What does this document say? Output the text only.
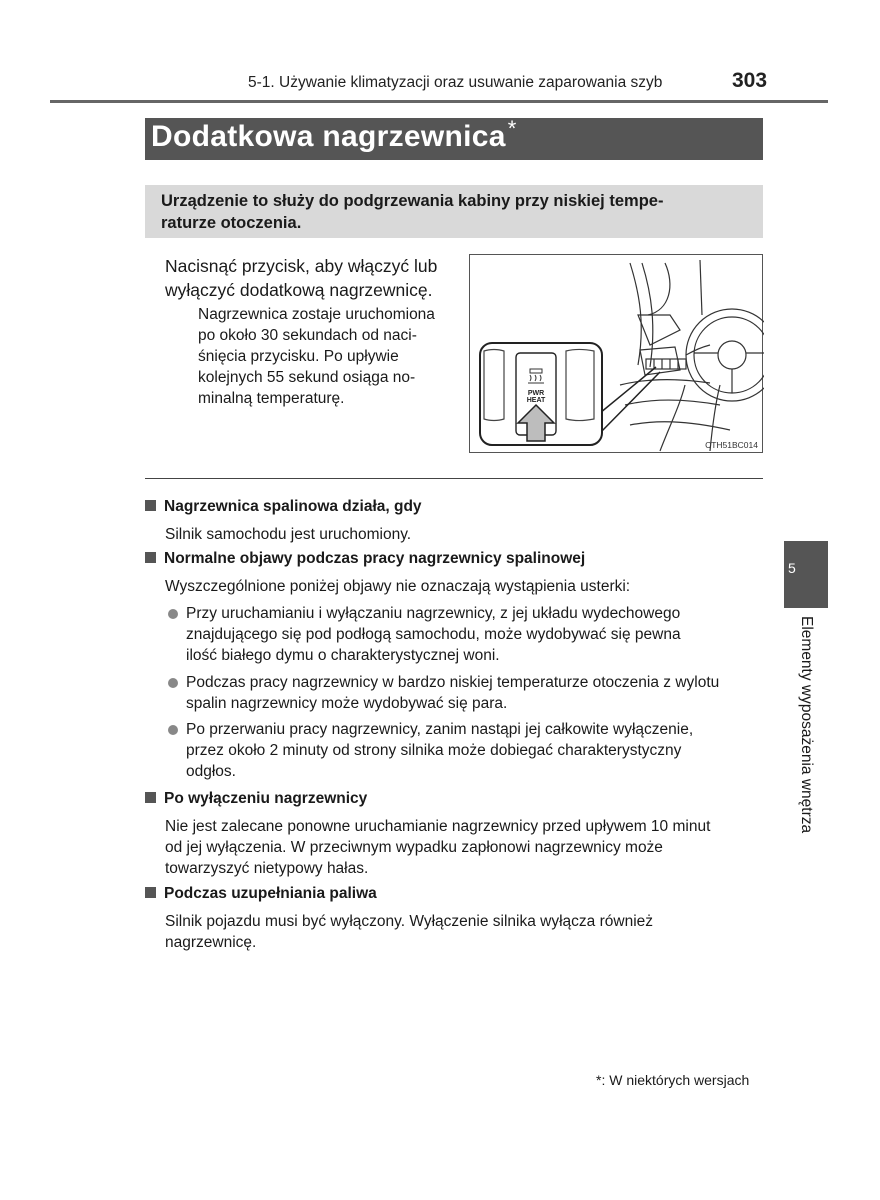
5-1. Używanie klimatyzacji oraz usuwanie zaparowania szyb	303
Dodatkowa nagrzewnica*
Urządzenie to służy do podgrzewania kabiny przy niskiej tempe-
raturze otoczenia.
Nacisnąć przycisk, aby włączyć lub
wyłączyć dodatkową nagrzewnicę.
Nagrzewnica zostaje uruchomiona
po około 30 sekundach od naci-
śnięcia przycisku. Po upływie
kolejnych 55 sekund osiąga no-
minalną temperaturę.	PWR
HEAT
CTH51BC014
Nagrzewnica spalinowa działa, gdy
Silnik samochodu jest uruchomiony.
Normalne objawy podczas pracy nagrzewnicy spalinowej
Wyszczególnione poniżej objawy nie oznaczają wystąpienia usterki:
Przy uruchamianiu i wyłączaniu nagrzewnicy, z jej układu wydechowego
znajdującego się pod podłogą samochodu, może wydobywać się pewna
ilość białego dymu o charakterystycznej woni.
Podczas pracy nagrzewnicy w bardzo niskiej temperaturze otoczenia z wylotu
spalin nagrzewnicy może wydobywać się para.
Po przerwaniu pracy nagrzewnicy, zanim nastąpi jej całkowite wyłączenie,
przez około 2 minuty od strony silnika może dobiegać charakterystyczny
odgłos.
Po wyłączeniu nagrzewnicy
Nie jest zalecane ponowne uruchamianie nagrzewnicy przed upływem 10 minut
od jej wyłączenia. W przeciwnym wypadku zapłonowi nagrzewnicy może
towarzyszyć nietypowy hałas.
Podczas uzupełniania paliwa
Silnik pojazdu musi być wyłączony. Wyłączenie silnika wyłącza również
nagrzewnicę.
5
Elementy wyposażenia wnętrza
*: W niektórych wersjach
